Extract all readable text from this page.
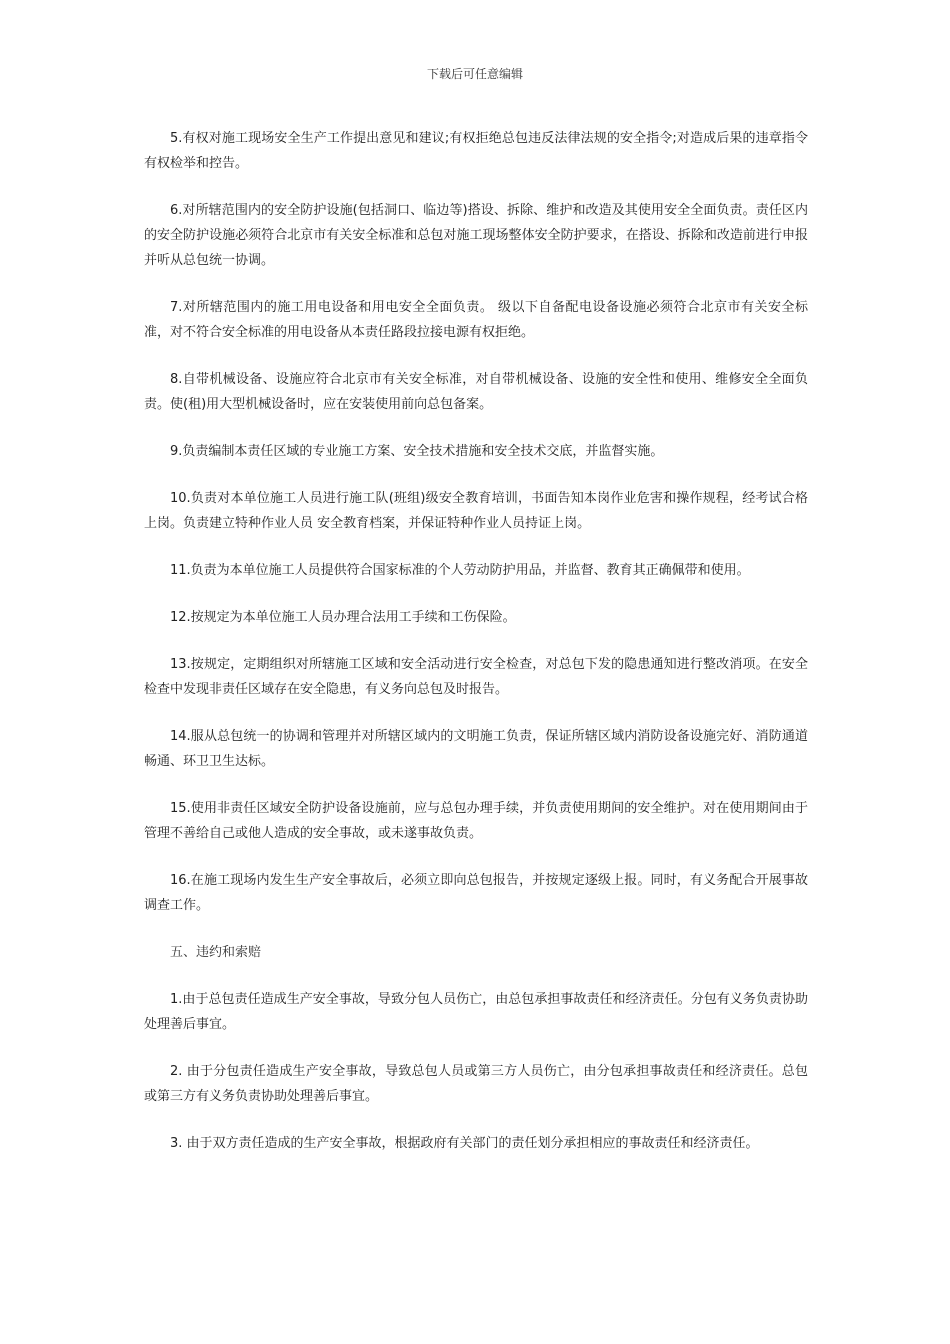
下载后可任意编辑

5.有权对施工现场安全生产工作提出意见和建议;有权拒绝总包违反法律法规的安全指令;对造成后果的违章指令有权检举和控告。

6.对所辖范围内的安全防护设施(包括洞口、临边等)搭设、拆除、维护和改造及其使用安全全面负责。责任区内的安全防护设施必须符合北京市有关安全标准和总包对施工现场整体安全防护要求，在搭设、拆除和改造前进行申报并听从总包统一协调。

7.对所辖范围内的施工用电设备和用电安全全面负责。 级以下自备配电设备设施必须符合北京市有关安全标准，对不符合安全标准的用电设备从本责任路段拉接电源有权拒绝。

8.自带机械设备、设施应符合北京市有关安全标准，对自带机械设备、设施的安全性和使用、维修安全全面负责。使(租)用大型机械设备时，应在安装使用前向总包备案。

9.负责编制本责任区域的专业施工方案、安全技术措施和安全技术交底，并监督实施。

10.负责对本单位施工人员进行施工队(班组)级安全教育培训，书面告知本岗作业危害和操作规程，经考试合格上岗。负责建立特种作业人员 安全教育档案，并保证特种作业人员持证上岗。

11.负责为本单位施工人员提供符合国家标准的个人劳动防护用品，并监督、教育其正确佩带和使用。

12.按规定为本单位施工人员办理合法用工手续和工伤保险。

13.按规定，定期组织对所辖施工区域和安全活动进行安全检查，对总包下发的隐患通知进行整改消项。在安全检查中发现非责任区域存在安全隐患，有义务向总包及时报告。

14.服从总包统一的协调和管理并对所辖区域内的文明施工负责，保证所辖区域内消防设备设施完好、消防通道畅通、环卫卫生达标。

15.使用非责任区域安全防护设备设施前，应与总包办理手续，并负责使用期间的安全维护。对在使用期间由于管理不善给自己或他人造成的安全事故，或未遂事故负责。

16.在施工现场内发生生产安全事故后，必须立即向总包报告，并按规定逐级上报。同时，有义务配合开展事故调查工作。

五、违约和索赔

1.由于总包责任造成生产安全事故，导致分包人员伤亡，由总包承担事故责任和经济责任。分包有义务负责协助处理善后事宜。

2. 由于分包责任造成生产安全事故，导致总包人员或第三方人员伤亡，由分包承担事故责任和经济责任。总包或第三方有义务负责协助处理善后事宜。

3. 由于双方责任造成的生产安全事故，根据政府有关部门的责任划分承担相应的事故责任和经济责任。
